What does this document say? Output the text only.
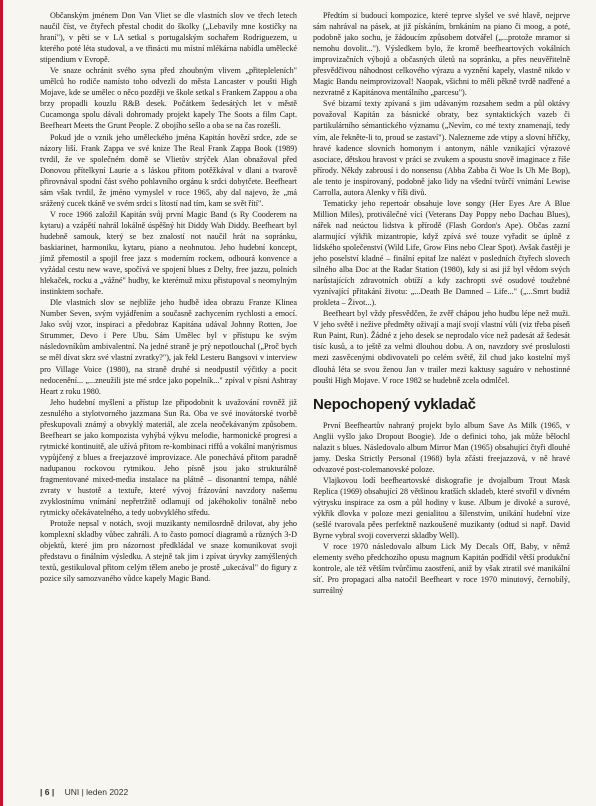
Občanským jménem Don Van Vliet se dle vlastních slov ve třech letech naučil číst, ve čtyřech přestal chodit do školky („Lebavily mne kostičky na hraní"), v pěti se v LA setkal s portugalským sochařem Rodriguezem, u kterého poté léta studoval, a ve třinácti mu místní mlékárna nabídla umělecké stipendium v Evropě.

Ve snaze ochránit svého syna před zhoubným vlivem „přitepleleních" umělců ho rodiče namísto toho odvezli do města Lancaster v poušti High Mojave, kde se umělec o něco později ve škole setkal s Frankem Zappou a oba brzy propadli kouzlu R&B desek. Počátkem šedesátých let v městě Cucamonga spolu dávali dohromady projekt kapely The Soots a film Capt. Beefheart Meets the Grunt People. Z obojího sešlo a oba se na čas rozešli.

Pokud jde o vznik jeho uměleckého jména Kapitán hovězí srdce, zde se názory liší. Frank Zappa ve své knize The Real Frank Zappa Book (1989) tvrdil, že ve společném domě se Vlietův strýček Alan obnažoval před Donovou přítelkyní Laurie a s láskou přitom potěžkával v dlani a tvarově přirovnával spodní část svého pohlavního orgánu k srdci dobytčete. Beefheart sám však tvrdil, že jméno vymyslel v roce 1965, aby dal najevo, že „má srážený cucek tkáně ve svém srdci s lítostí nad tím, kam se svět řítí".

V roce 1966 založil Kapitán svůj první Magic Band (s Ry Cooderem na kytaru) a vzápětí nahrál lokálně úspěšný hit Diddy Wah Diddy. Beefheart byl hudebně samouk, který se bez znalostí not naučil hrát na sopránku, baskiarinet, harmoniku, kytaru, piano a neohnutou. Jeho hudební koncept, jímž přemostil a spojil free jazz s moderním rockem, odbourá konvence a vyžádal cestu new wave, spočívá ve spojení blues z Delty, free jazzu, polních hlekaček, rocku a „vážné" hudby, ke kterémuž mixu přistupoval s neomylným instinktem sochaře.

Dle vlastních slov se nejblíže jeho hudbě idea obrazu Franze Klinea Number Seven, svým vyjádřením a současně zachycením rychlosti a emocí. Jako svůj vzor, inspiraci a předobraz Kapitána udával Johnny Rotten, Joe Strummer, Devo i Pere Ubu. Sám Umělec byl v přístupu ke svým následovníkům ambivalentní. Na jedné straně je prý nepotlouchal („Proč bych se měl dívat skrz své vlastní zvratky?"), jak řekl Lesteru Bangsovi v interview pro Village Voice (1980), na straně druhé si neodpustil výčitky a pocit nedocenění... „...zneužili jste mé srdce jako popelník..." zpíval v písni Ashtray Heart z roku 1980.

Jeho hudební myšlení a přístup lze připodobnit k uvažování rovněž již zesnulého a stylotvorného jazzmana Sun Ra. Oba ve své inovátorské tvorbě přeskupovali známý a obvyklý materiál, ale zcela neočekávaným způsobem. Beefheart se jako kompozista vyhýbá výkvu melodie, harmonické progresi a rytmické kontinuitě, ale užívá přitom re-kombinaci riffů a vokální manýrismus vypůjčený z blues a freejazzové improvizace. Ale ponechává přitom paradně nadupanou rockovou rytmikou. Jeho písně jsou jako strukturálně fragmentované mixed-media instalace na plátně – disonantní tempa, náhlé zvraty v hustotě a textuře, které vývoj frázování navzdory našemu zvyklostnímu vnímání nepřetržitě odlamují od jakéhokoliv tonálně nebo rytmicky očekávatelného, a tedy uobvyklého středu.

Protože nepsal v notách, svoji muzikanty nemilosrdně drilovat, aby jeho komplexní skladby vůbec zahráli. A to často pomocí diagramů a různých 3-D objektů, které jim pro názornost předkládal ve snaze komunikovat svoji představu o finálním výsledku. A stejně tak jim i zpívat úryvky zamýšlených textů, gestikuloval přitom celým tělem anebo je prostě „ukecával" do figury z pozice síly samozvaného vůdce kapely Magic Band.

Předtím si budoucí kompozice, které teprve slyšel ve své hlavě, nejprve sám nahrával na pásek, at již pískáním, brnkáním na piano či moog, a poté, podobně jako sochu, je žádoucím způsobem dotvářel („...protože mramor si nemohu dovolit..."). Výsledkem bylo, že kromě beefheartových vokálních improvizačních výbojů a občasných úletů na sopránku, a přes neuvěřitelně přesvědčivou náhodnost celkového výrazu a vyznění kapely, vlastně nikdo v Magic Bandu neimprovizoval! Naopak, všichni to měli pěkně tvrdě nadřené a nezvratně z Kapitánova mentálního „parcesu").

Své bizarní texty zpívaná s jim udávaným rozsahem sedm a půl oktávy považoval Kapitán za básnické obraty, bez syntaktických vazeb či partikulárního sémantického významu („Nevím, co mé texty znamenají, tedy vím, ale řekněte-li to, proud se zastaví"). Nalezneme zde vtipy a slovní hříčky, hravé kadence slovních homonym i antonym, náhle vznikající výrazové asociace, dětskou hravost v práci se zvukem a spoustu snově imaginace z říše přírody. Někdy zabrousí i do nonsensu (Abba Zabba či Woe Is Uh Me Bop), ale tento je inspirovaný, podobně jako lidy na všední tvůrčí vnímání Lewise Carrolla, autora Alenky v říši divů.

Tematicky jeho repertoár obsahuje love songy (Her Eyes Are A Blue Million Miles), protiválečné vící (Veterans Day Poppy nebo Dachau Blues), nářek nad neúctou lidstva k přírodě (Flash Gordon's Ape). Občas zazní alarmující výkřik mizantropie, když zpívá své touze vyřadit se úplně z lidského společenství (Wild Life, Grow Fins nebo Clear Spot). Avšak častěji je jeho poselství kladné – finální epitaf lze nalézt v posledních čtyřech slovech silného alba Doc at the Radar Station (1980), kdy si asi již byl vědom svých narůstajících zdravotních obtíží a kdy zachropti své osudové toužebné vyznívající přitakání životu: „...Death Be Damned – Life..." („...Smrt budiž prokleta – Život...).

Beefheart byl vždy přesvědčen, že zvěř chápou jeho hudbu lépe než muži. V jeho světě i nežive předměty oživají a mají svojí vlastní vůli (viz třeba píseň Run Paint, Run). Žádné z jeho desek se neprodalo více než padesát až šedesát tisíc kusů, a to ještě za velmi dlouhou dobu. A on, navzdory své proslulosti mezi zasvěcenými obdivovateli po celém světě, žil chud jako kostelní myš dlouhá léta se svou ženou Jan v trailer mezi kaktusy saguáro v nehostinné poušti High Mojave. V roce 1982 se hudebně zcela odmlčel.

Nepochopený vykladač

První Beefheartův nahraný projekt bylo album Save As Milk (1965, v Anglii vyšlo jako Dropout Boogie). Jde o definici toho, jak může bělochl nalazit s blues. Následovalo album Mirror Man (1965) obsahující čtyři dlouhé jamy. Deska Strictly Personal (1968) byla zčásti freejazzová, v ně hravé odvazové post-colemanovské poloze.

Vlajkovou lodí beefheartovské diskografie je dvojalbum Trout Mask Replica (1969) obsahující 28 většinou kratších skladeb, které stvořil v dívném výtrysku inspirace za osm a půl hodiny v kuse. Album je divoké a surové, výkřik dlovka v poloze mezi genialitou a šílenstvím, unikání hudební vize (sešlé tvarovala pěes perfektně nazkoušené muzikanty (odtud si např. David Byrne vybral svoji coververzi skladby Well).

V roce 1970 následovalo album Lick My Decals Off, Baby, v němž elementy svého předchozího opusu magnum Kapitán podřídil větší produkční kontrole, ale též větším tvůrčímu zaostření, aniž by však ztratil své manikální síť. Pro propagaci alba natočil Beefheart v roce 1970 minutový, černobílý, surreálný

| 6 | UNI | leden 2022
